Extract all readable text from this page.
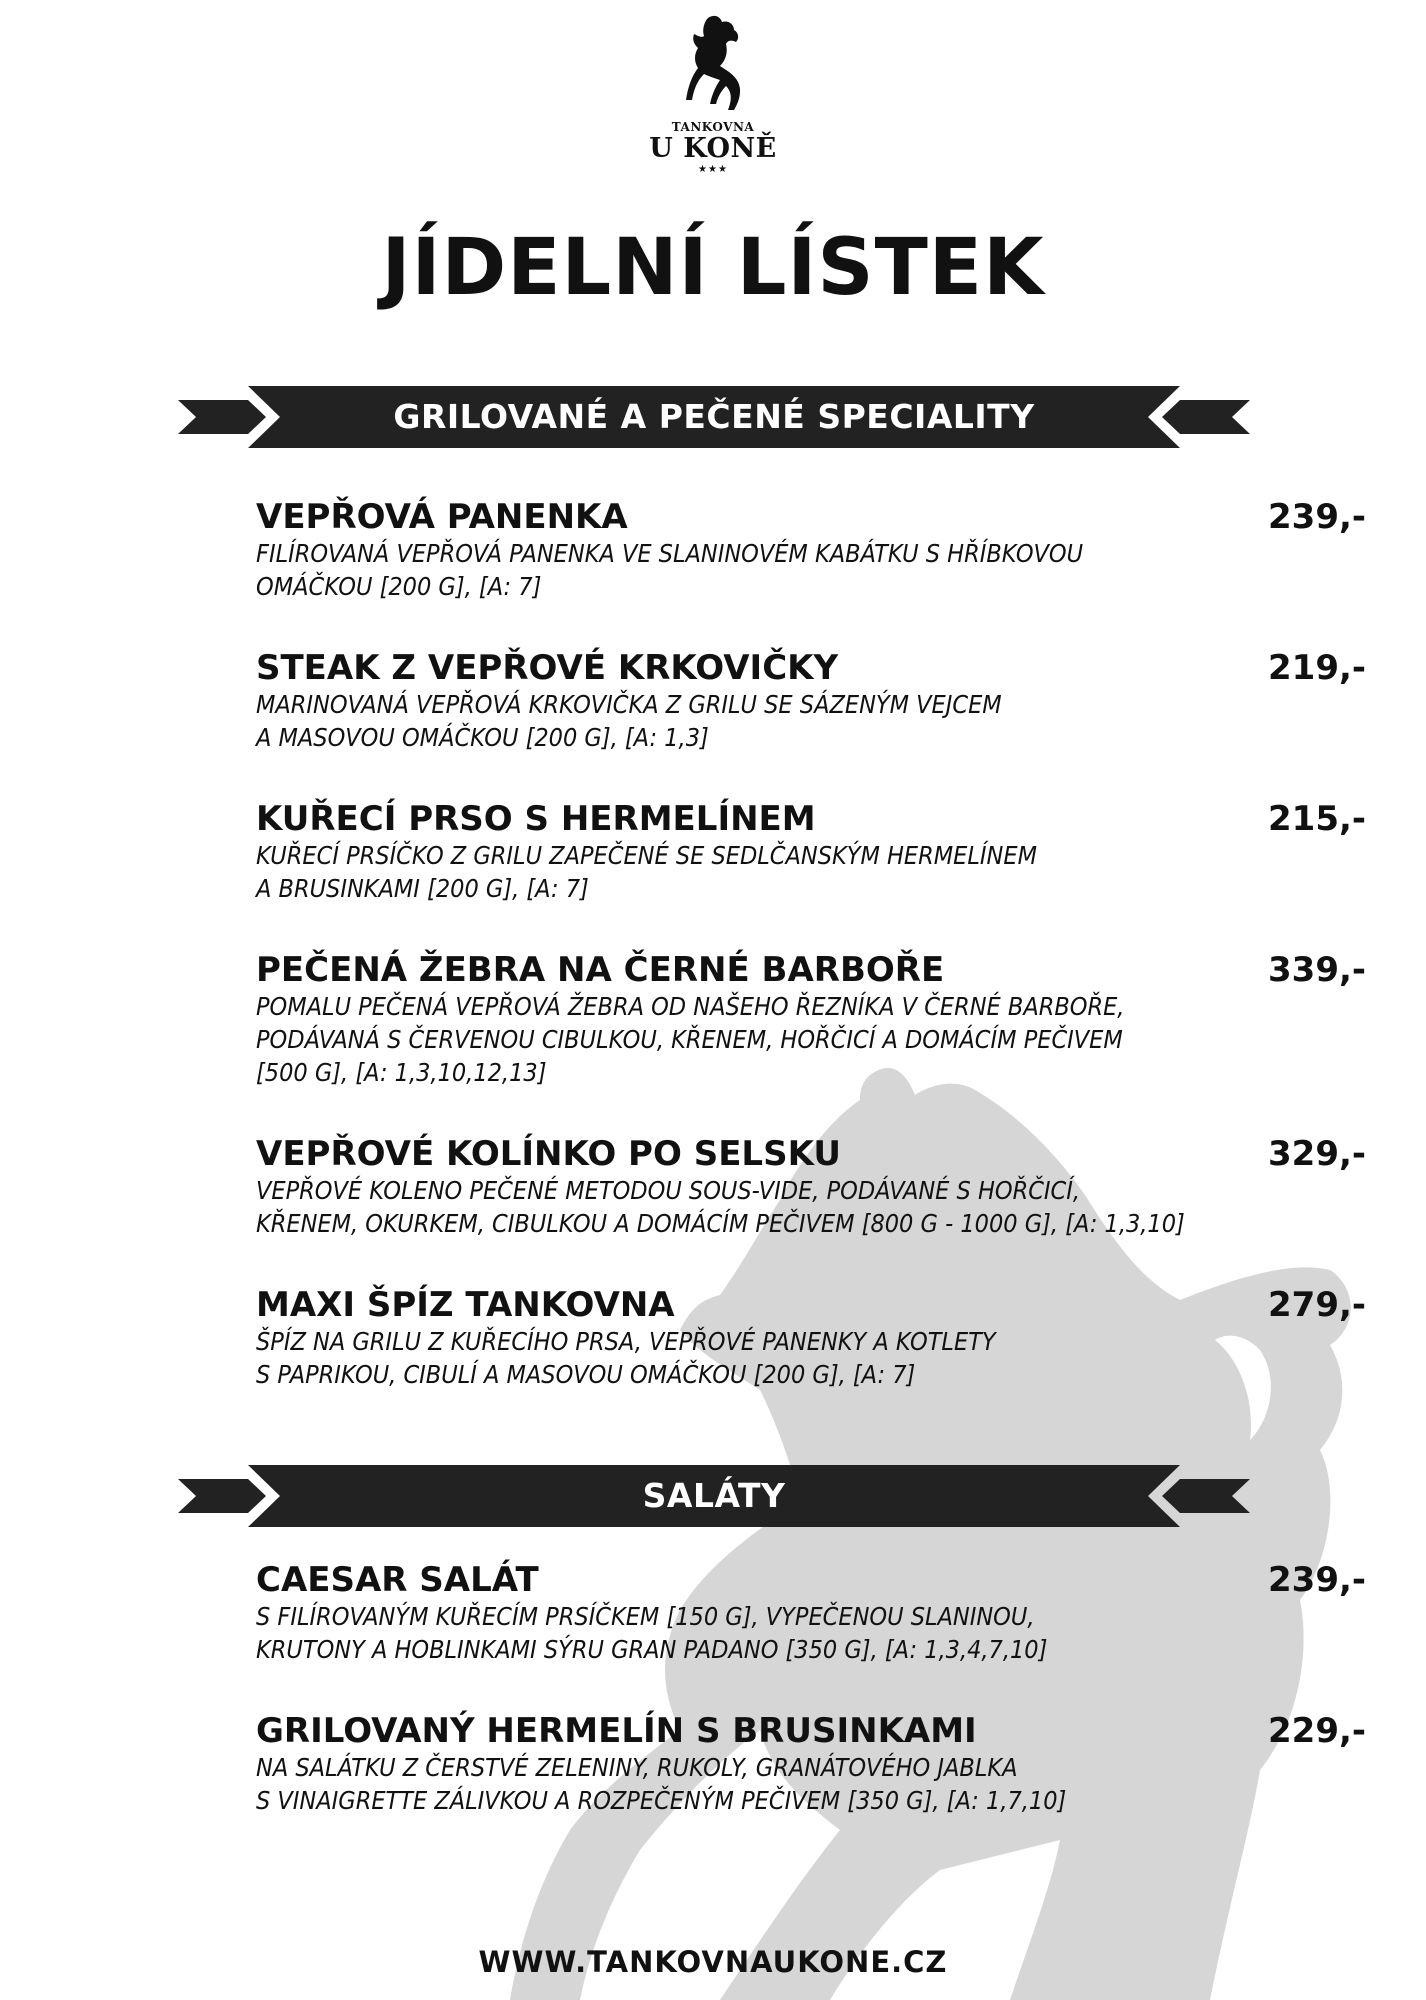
TANKOVNA
U KONĚ
★★★
JÍDELNÍ LÍSTEK
GRILOVANÉ A PEČENÉ SPECIALITY
VEPŘOVÁ PANENKA	239,-
FILÍROVANÁ VEPŘOVÁ PANENKA VE SLANINOVÉM KABÁTKU S HŘÍBKOVOU
OMÁČKOU [200 G], [A: 7]
STEAK Z VEPŘOVÉ KRKOVIČKY	219,-
MARINOVANÁ VEPŘOVÁ KRKOVIČKA Z GRILU SE SÁZENÝM VEJCEM
A MASOVOU OMÁČKOU [200 G], [A: 1,3]
KUŘECÍ PRSO S HERMELÍNEM	215,-
KUŘECÍ PRSÍČKO Z GRILU ZAPEČENÉ SE SEDLČANSKÝM HERMELÍNEM
A BRUSINKAMI [200 G], [A: 7]
PEČENÁ ŽEBRA NA ČERNÉ BARBOŘE	339,-
POMALU PEČENÁ VEPŘOVÁ ŽEBRA OD NAŠEHO ŘEZNÍKA V ČERNÉ BARBOŘE,
PODÁVANÁ S ČERVENOU CIBULKOU, KŘENEM, HOŘČICÍ A DOMÁCÍM PEČIVEM
[500 G], [A: 1,3,10,12,13]
VEPŘOVÉ KOLÍNKO PO SELSKU	329,-
VEPŘOVÉ KOLENO PEČENÉ METODOU SOUS-VIDE, PODÁVANÉ S HOŘČICÍ,
KŘENEM, OKURKEM, CIBULKOU A DOMÁCÍM PEČIVEM [800 G - 1000 G], [A: 1,3,10]
MAXI ŠPÍZ TANKOVNA	279,-
ŠPÍZ NA GRILU Z KUŘECÍHO PRSA, VEPŘOVÉ PANENKY A KOTLETY
S PAPRIKOU, CIBULÍ A MASOVOU OMÁČKOU [200 G], [A: 7]
SALÁTY
CAESAR SALÁT	239,-
S FILÍROVANÝM KUŘECÍM PRSÍČKEM [150 G], VYPEČENOU SLANINOU,
KRUTONY A HOBLINKAMI SÝRU GRAN PADANO [350 G], [A: 1,3,4,7,10]
GRILOVANÝ HERMELÍN S BRUSINKAMI	229,-
NA SALÁTKU Z ČERSTVÉ ZELENINY, RUKOLY, GRANÁTOVÉHO JABLKA
S VINAIGRETTE ZÁLIVKOU A ROZPEČENÝM PEČIVEM [350 G], [A: 1,7,10]
WWW.TANKOVNAUKONE.CZ
